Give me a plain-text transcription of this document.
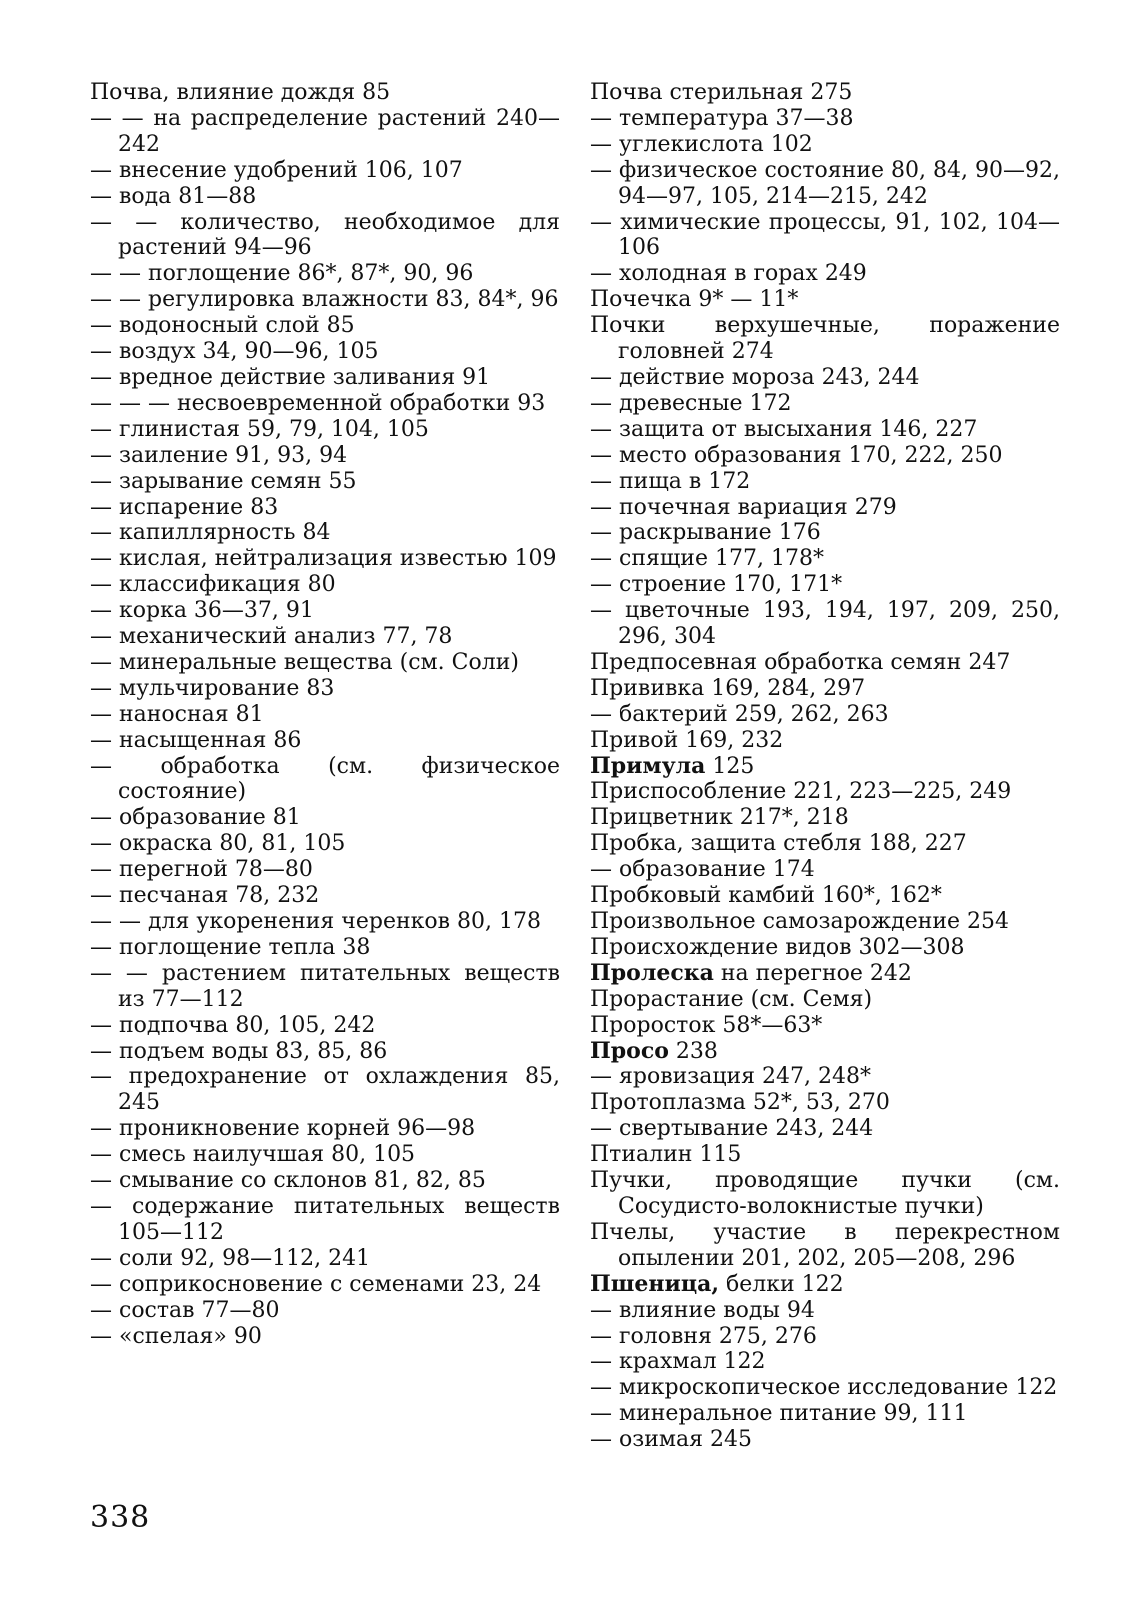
Почва, влияние дождя 85
— — на распределение растений 240—242
— внесение удобрений 106, 107
— вода 81—88
— — количество, необходимое для растений 94—96
— — поглощение 86*, 87*, 90, 96
— — регулировка влажности 83, 84*, 96
— водоносный слой 85
— воздух 34, 90—96, 105
— вредное действие заливания 91
— — — несвоевременной обработки 93
— глинистая 59, 79, 104, 105
— заиление 91, 93, 94
— зарывание семян 55
— испарение 83
— капиллярность 84
— кислая, нейтрализация известью 109
— классификация 80
— корка 36—37, 91
— механический анализ 77, 78
— минеральные вещества (см. Соли)
— мульчирование 83
— наносная 81
— насыщенная 86
— обработка (см. физическое состояние)
— образование 81
— окраска 80, 81, 105
— перегной 78—80
— песчаная 78, 232
— — для укоренения черенков 80, 178
— поглощение тепла 38
— — растением питательных веществ из 77—112
— подпочва 80, 105, 242
— подъем воды 83, 85, 86
— предохранение от охлаждения 85, 245
— проникновение корней 96—98
— смесь наилучшая 80, 105
— смывание со склонов 81, 82, 85
— содержание питательных веществ 105—112
— соли 92, 98—112, 241
— соприкосновение с семенами 23, 24
— состав 77—80
— «спелая» 90
Почва стерильная 275
— температура 37—38
— углекислота 102
— физическое состояние 80, 84, 90—92, 94—97, 105, 214—215, 242
— химические процессы, 91, 102, 104—106
— холодная в горах 249
Почечка 9* — 11*
Почки верхушечные, поражение головней 274
— действие мороза 243, 244
— древесные 172
— защита от высыхания 146, 227
— место образования 170, 222, 250
— пища в 172
— почечная вариация 279
— раскрывание 176
— спящие 177, 178*
— строение 170, 171*
— цветочные 193, 194, 197, 209, 250, 296, 304
Предпосевная обработка семян 247
Прививка 169, 284, 297
— бактерий 259, 262, 263
Привой 169, 232
Примула 125
Приспособление 221, 223—225, 249
Прицветник 217*, 218
Пробка, защита стебля 188, 227
— образование 174
Пробковый камбий 160*, 162*
Произвольное самозарождение 254
Происхождение видов 302—308
Пролеска на перегное 242
Прорастание (см. Семя)
Проросток 58*—63*
Просо 238
— яровизация 247, 248*
Протоплазма 52*, 53, 270
— свертывание 243, 244
Птиалин 115
Пучки, проводящие пучки (см. Сосудисто-волокнистые пучки)
Пчелы, участие в перекрестном опылении 201, 202, 205—208, 296
Пшеница, белки 122
— влияние воды 94
— головня 275, 276
— крахмал 122
— микроскопическое исследование 122
— минеральное питание 99, 111
— озимая 245
338
